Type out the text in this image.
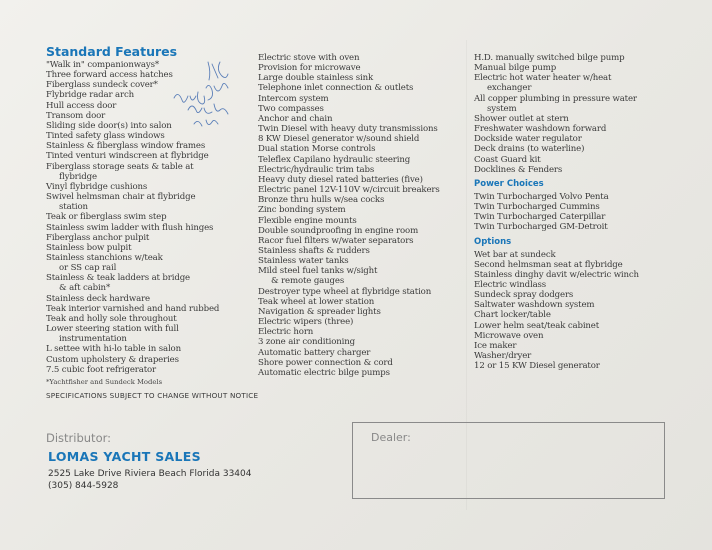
Standard Features
"Walk in" companionways*
Three forward access hatches
Fiberglass sundeck cover*
Flybridge radar arch
Hull access door
Transom door
Sliding side door(s) into salon
Tinted safety glass windows
Stainless & fiberglass window frames
Tinted venturi windscreen at flybridge
Fiberglass storage seats & table at
flybridge
Vinyl flybridge cushions
Swivel helmsman chair at flybridge
station
Teak or fiberglass swim step
Stainless swim ladder with flush hinges
Fiberglass anchor pulpit
Stainless bow pulpit
Stainless stanchions w/teak
or SS cap rail
Stainless & teak ladders at bridge
& aft cabin*
Stainless deck hardware
Teak interior varnished and hand rubbed
Teak and holly sole throughout
Lower steering station with full
instrumentation
L settee with hi-lo table in salon
Custom upholstery & draperies
7.5 cubic foot refrigerator
*Yachtfisher and Sundeck Models
Electric stove with oven
Provision for microwave
Large double stainless sink
Telephone inlet connection & outlets
Intercom system
Two compasses
Anchor and chain
Twin Diesel with heavy duty transmissions
8 KW Diesel generator w/sound shield
Dual station Morse controls
Teleflex Capilano hydraulic steering
Electric/hydraulic trim tabs
Heavy duty diesel rated batteries (five)
Electric panel 12V-110V w/circuit breakers
Bronze thru hulls w/sea cocks
Zinc bonding system
Flexible engine mounts
Double soundproofing in engine room
Racor fuel filters w/water separators
Stainless shafts & rudders
Stainless water tanks
Mild steel fuel tanks w/sight
& remote gauges
Destroyer type wheel at flybridge station
Teak wheel at lower station
Navigation & spreader lights
Electric wipers (three)
Electric horn
3 zone air conditioning
Automatic battery charger
Shore power connection & cord
Automatic electric bilge pumps
H.D. manually switched bilge pump
Manual bilge pump
Electric hot water heater w/heat
exchanger
All copper plumbing in pressure water
system
Shower outlet at stern
Freshwater washdown forward
Dockside water regulator
Deck drains (to waterline)
Coast Guard kit
Docklines & Fenders
Power Choices
Twin Turbocharged Volvo Penta
Twin Turbocharged Cummins
Twin Turbocharged Caterpillar
Twin Turbocharged GM-Detroit
Options
Wet bar at sundeck
Second helmsman seat at flybridge
Stainless dinghy davit w/electric winch
Electric windlass
Sundeck spray dodgers
Saltwater washdown system
Chart locker/table
Lower helm seat/teak cabinet
Microwave oven
Ice maker
Washer/dryer
12 or 15 KW Diesel generator
SPECIFICATIONS SUBJECT TO CHANGE WITHOUT NOTICE
Distributor:
LOMAS YACHT SALES
2525 Lake Drive Riviera Beach Florida 33404
(305) 844-5928
Dealer:
